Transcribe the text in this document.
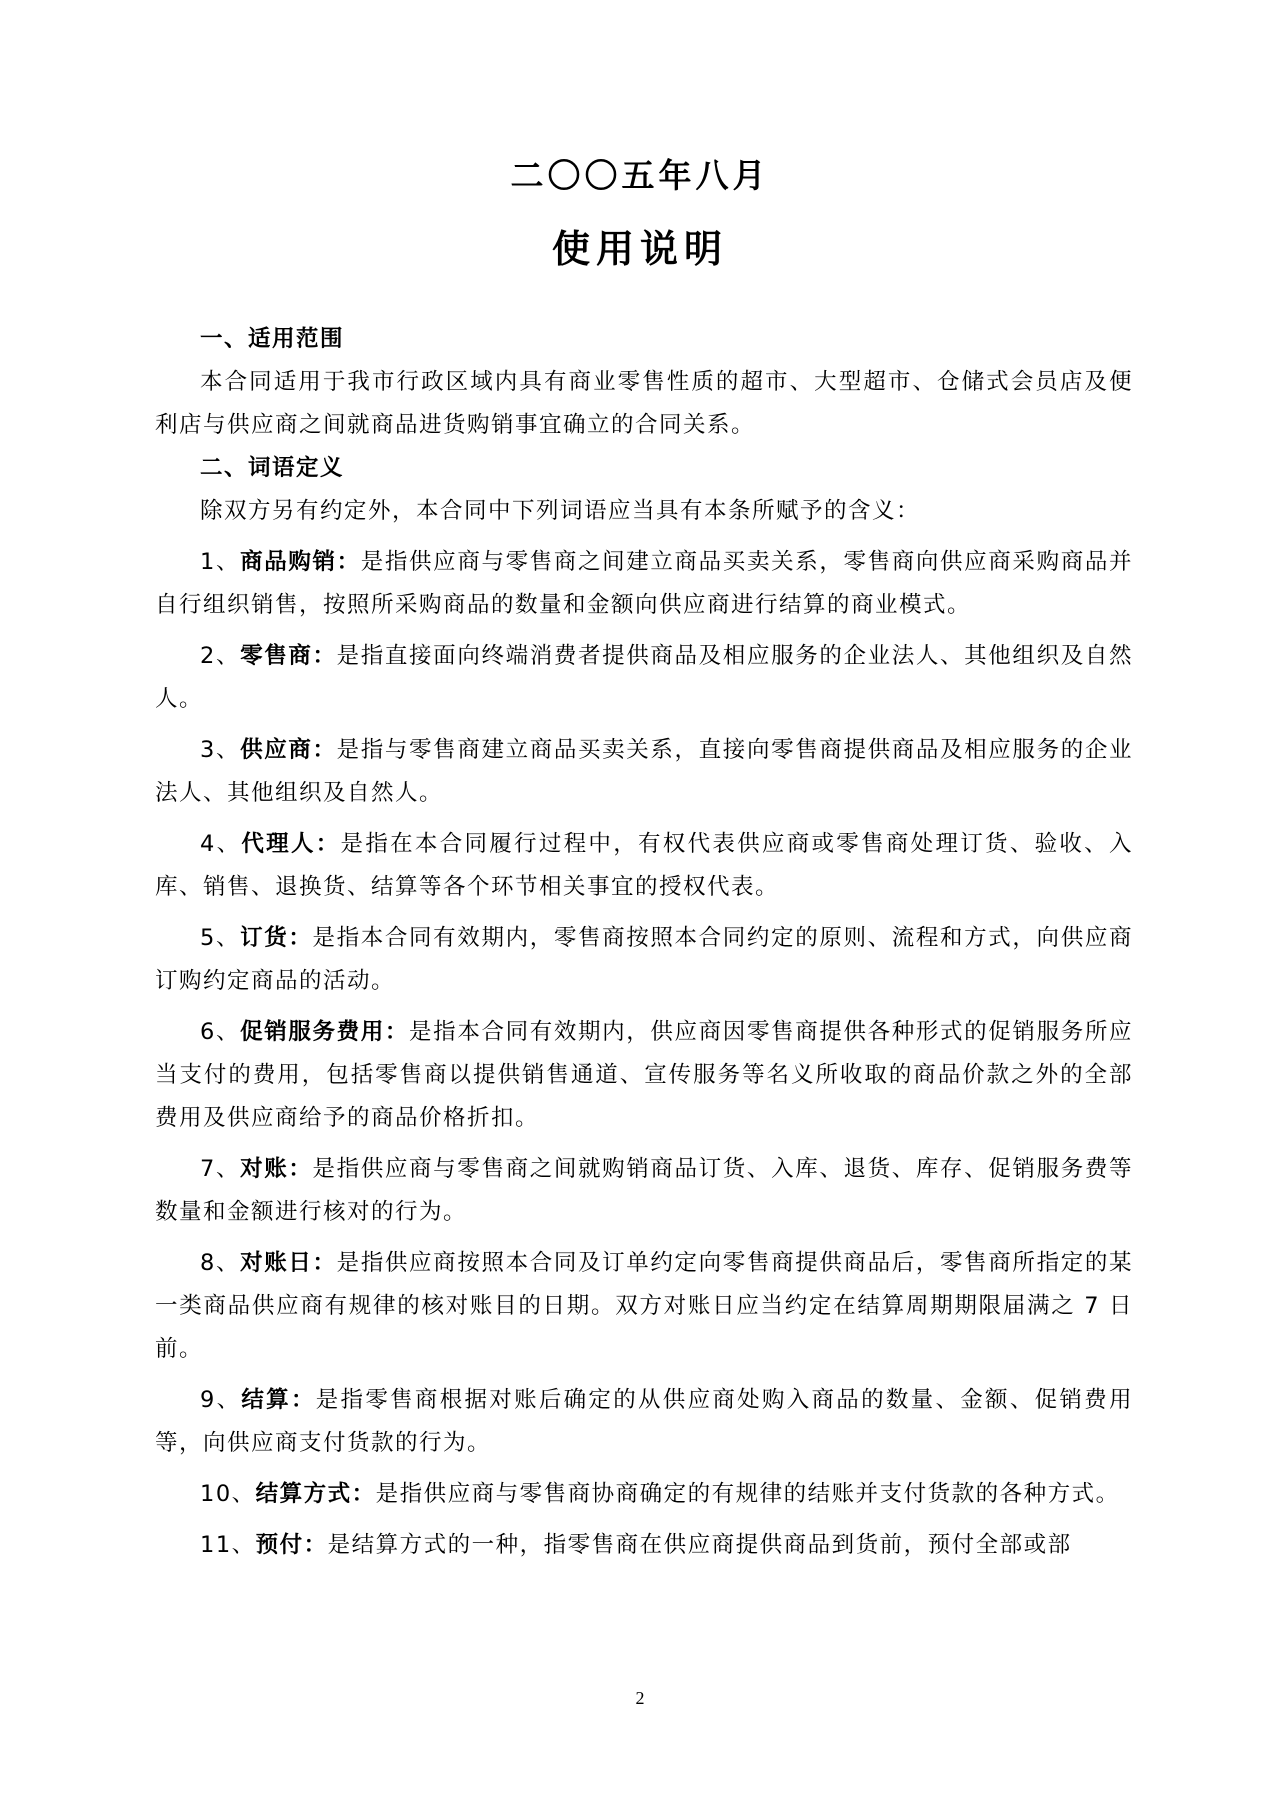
二〇〇五年八月
使用说明

一、适用范围

本合同适用于我市行政区域内具有商业零售性质的超市、大型超市、仓储式会员店及便利店与供应商之间就商品进货购销事宜确立的合同关系。

二、词语定义

除双方另有约定外，本合同中下列词语应当具有本条所赋予的含义：

1、商品购销：是指供应商与零售商之间建立商品买卖关系，零售商向供应商采购商品并自行组织销售，按照所采购商品的数量和金额向供应商进行结算的商业模式。

2、零售商：是指直接面向终端消费者提供商品及相应服务的企业法人、其他组织及自然人。

3、供应商：是指与零售商建立商品买卖关系，直接向零售商提供商品及相应服务的企业法人、其他组织及自然人。

4、代理人：是指在本合同履行过程中，有权代表供应商或零售商处理订货、验收、入库、销售、退换货、结算等各个环节相关事宜的授权代表。

5、订货：是指本合同有效期内，零售商按照本合同约定的原则、流程和方式，向供应商订购约定商品的活动。

6、促销服务费用：是指本合同有效期内，供应商因零售商提供各种形式的促销服务所应当支付的费用，包括零售商以提供销售通道、宣传服务等名义所收取的商品价款之外的全部费用及供应商给予的商品价格折扣。

7、对账：是指供应商与零售商之间就购销商品订货、入库、退货、库存、促销服务费等数量和金额进行核对的行为。

8、对账日：是指供应商按照本合同及订单约定向零售商提供商品后，零售商所指定的某一类商品供应商有规律的核对账目的日期。双方对账日应当约定在结算周期期限届满之 7 日前。

9、结算：是指零售商根据对账后确定的从供应商处购入商品的数量、金额、促销费用等，向供应商支付货款的行为。

10、结算方式：是指供应商与零售商协商确定的有规律的结账并支付货款的各种方式。

11、预付：是结算方式的一种，指零售商在供应商提供商品到货前，预付全部或部

2
